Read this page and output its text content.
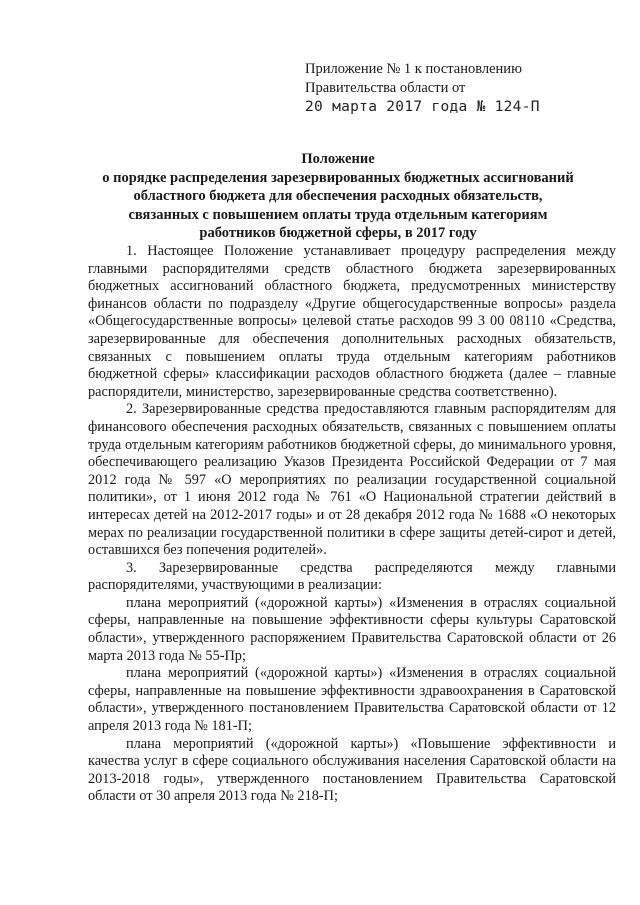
Приложение № 1 к постановлению
Правительства области от
20 марта 2017 года № 124-П
Положение
о порядке распределения зарезервированных бюджетных ассигнований
областного бюджета для обеспечения расходных обязательств,
связанных с повышением оплаты труда отдельным категориям
работников бюджетной сферы, в 2017 году

1. Настоящее Положение устанавливает процедуру распределения между главными распорядителями средств областного бюджета зарезервированных бюджетных ассигнований областного бюджета, предусмотренных министерству финансов области по подразделу «Другие общегосударственные вопросы» раздела «Общегосударственные вопросы» целевой статье расходов 99 3 00 08110 «Средства, зарезервированные для обеспечения дополнительных расходных обязательств, связанных с повышением оплаты труда отдельным категориям работников бюджетной сферы» классификации расходов областного бюджета (далее – главные распорядители, министерство, зарезервированные средства соответственно).

2. Зарезервированные средства предоставляются главным распорядителям для финансового обеспечения расходных обязательств, связанных с повышением оплаты труда отдельным категориям работников бюджетной сферы, до минимального уровня, обеспечивающего реализацию Указов Президента Российской Федерации от 7 мая 2012 года № 597 «О мероприятиях по реализации государственной социальной политики», от 1 июня 2012 года № 761 «О Национальной стратегии действий в интересах детей на 2012-2017 годы» и от 28 декабря 2012 года № 1688 «О некоторых мерах по реализации государственной политики в сфере защиты детей-сирот и детей, оставшихся без попечения родителей».

3. Зарезервированные средства распределяются между главными распорядителями, участвующими в реализации:

плана мероприятий («дорожной карты») «Изменения в отраслях социальной сферы, направленные на повышение эффективности сферы культуры Саратовской области», утвержденного распоряжением Правительства Саратовской области от 26 марта 2013 года № 55-Пр;

плана мероприятий («дорожной карты») «Изменения в отраслях социальной сферы, направленные на повышение эффективности здравоохранения в Саратовской области», утвержденного постановлением Правительства Саратовской области от 12 апреля 2013 года № 181-П;

плана мероприятий («дорожной карты») «Повышение эффективности и качества услуг в сфере социального обслуживания населения Саратовской области на 2013-2018 годы», утвержденного постановлением Правительства Саратовской области от 30 апреля 2013 года № 218-П;
